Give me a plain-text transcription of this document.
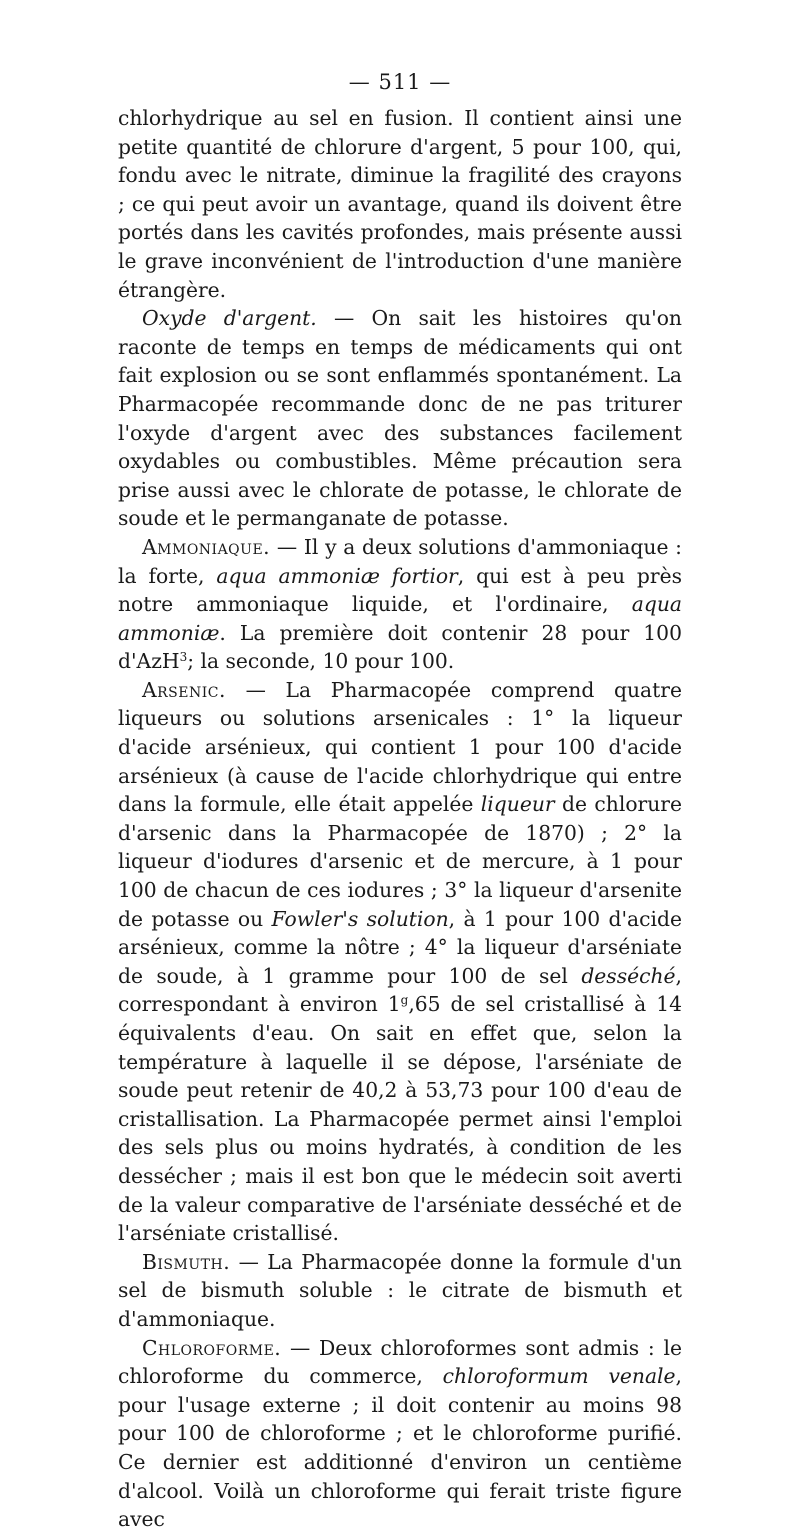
— 511 —

chlorhydrique au sel en fusion. Il contient ainsi une petite quantité de chlorure d'argent, 5 pour 100, qui, fondu avec le nitrate, diminue la fragilité des crayons ; ce qui peut avoir un avantage, quand ils doivent être portés dans les cavités profondes, mais présente aussi le grave inconvénient de l'introduction d'une manière étrangère.

Oxyde d'argent. — On sait les histoires qu'on raconte de temps en temps de médicaments qui ont fait explosion ou se sont enflammés spontanément. La Pharmacopée recommande donc de ne pas triturer l'oxyde d'argent avec des substances facilement oxydables ou combustibles. Même précaution sera prise aussi avec le chlorate de potasse, le chlorate de soude et le permanganate de potasse.

Ammoniaque. — Il y a deux solutions d'ammoniaque : la forte, aqua ammoniæ fortior, qui est à peu près notre ammoniaque liquide, et l'ordinaire, aqua ammoniæ. La première doit contenir 28 pour 100 d'AzH$^3$; la seconde, 10 pour 100.

Arsenic. — La Pharmacopée comprend quatre liqueurs ou solutions arsenicales : 1° la liqueur d'acide arsénieux, qui contient 1 pour 100 d'acide arsénieux (à cause de l'acide chlorhydrique qui entre dans la formule, elle était appelée liqueur de chlorure d'arsenic dans la Pharmacopée de 1870) ; 2° la liqueur d'iodures d'arsenic et de mercure, à 1 pour 100 de chacun de ces iodures ; 3° la liqueur d'arsenite de potasse ou Fowler's solution, à 1 pour 100 d'acide arsénieux, comme la nôtre ; 4° la liqueur d'arséniate de soude, à 1 gramme pour 100 de sel desséché, correspondant à environ 1$^g$,65 de sel cristallisé à 14 équivalents d'eau. On sait en effet que, selon la température à laquelle il se dépose, l'arséniate de soude peut retenir de 40,2 à 53,73 pour 100 d'eau de cristallisation. La Pharmacopée permet ainsi l'emploi des sels plus ou moins hydratés, à condition de les dessécher ; mais il est bon que le médecin soit averti de la valeur comparative de l'arséniate desséché et de l'arséniate cristallisé.

Bismuth. — La Pharmacopée donne la formule d'un sel de bismuth soluble : le citrate de bismuth et d'ammoniaque.

Chloroforme. — Deux chloroformes sont admis : le chloroforme du commerce, chloroformum venale, pour l'usage externe ; il doit contenir au moins 98 pour 100 de chloroforme ; et le chloroforme purifié. Ce dernier est additionné d'environ un centième d'alcool. Voilà un chloroforme qui ferait triste figure avec
